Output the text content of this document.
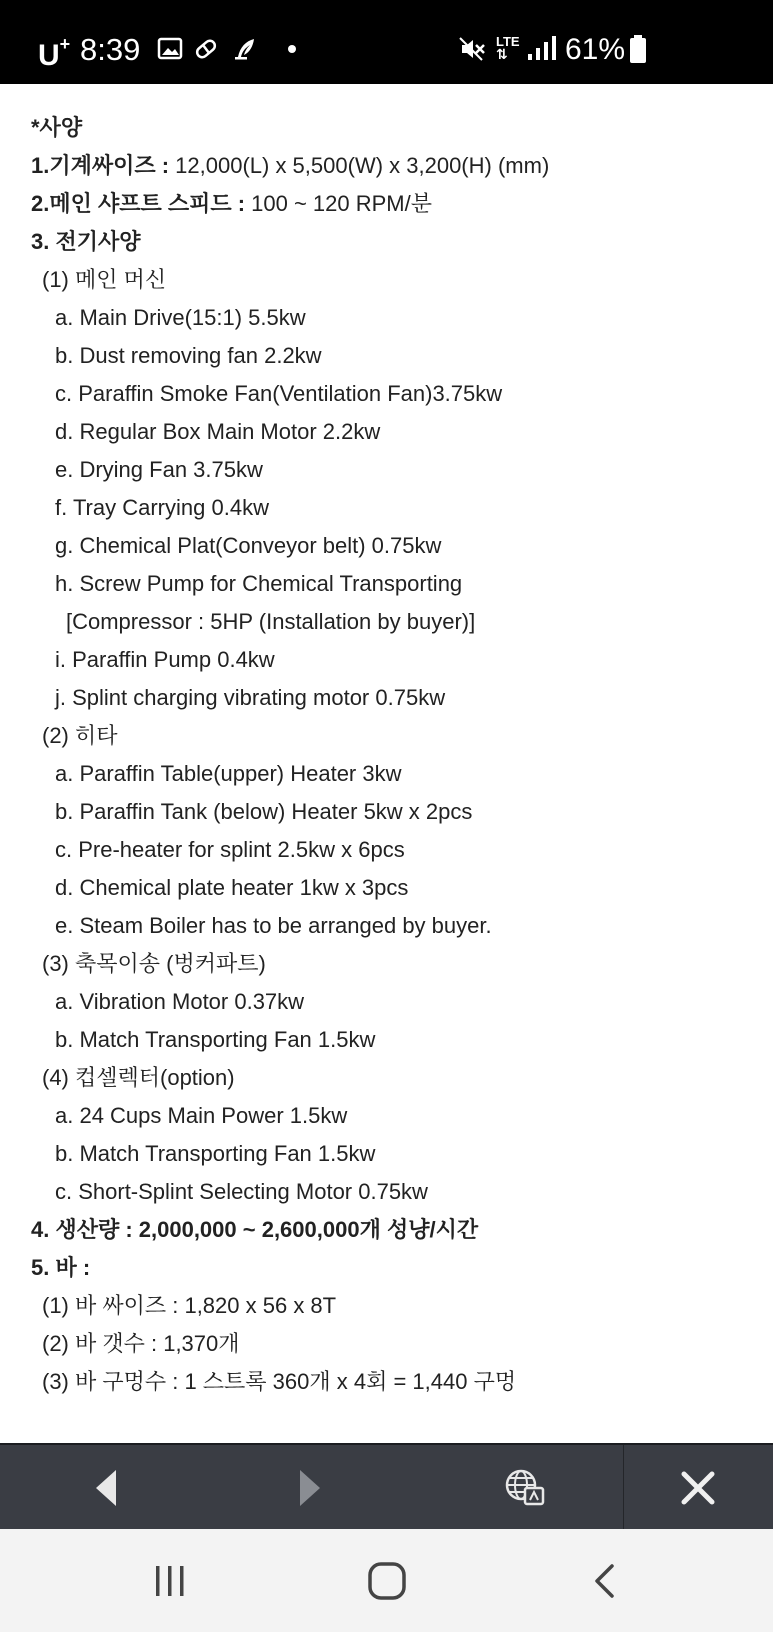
U+ 8:39	LTE
⇅	61%
*사양
1.기계싸이즈 : 12,000(L) x 5,500(W) x 3,200(H) (mm)
2.메인 샤프트 스피드 : 100 ~ 120 RPM/분
3. 전기사양
(1) 메인 머신
a. Main Drive(15:1) 5.5kw
b. Dust removing fan 2.2kw
c. Paraffin Smoke Fan(Ventilation Fan)3.75kw
d. Regular Box Main Motor 2.2kw
e. Drying Fan 3.75kw
f. Tray Carrying 0.4kw
g. Chemical Plat(Conveyor belt) 0.75kw
h. Screw Pump for Chemical Transporting
[Compressor : 5HP (Installation by buyer)]
i. Paraffin Pump 0.4kw
j. Splint charging vibrating motor 0.75kw
(2) 히타
a. Paraffin Table(upper) Heater 3kw
b. Paraffin Tank (below) Heater 5kw x 2pcs
c. Pre-heater for splint 2.5kw x 6pcs
d. Chemical plate heater 1kw x 3pcs
e. Steam Boiler has to be arranged by buyer.
(3) 축목이송 (벙커파트)
a. Vibration Motor 0.37kw
b. Match Transporting Fan 1.5kw
(4) 컵셀렉터(option)
a. 24 Cups Main Power 1.5kw
b. Match Transporting Fan 1.5kw
c. Short-Splint Selecting Motor 0.75kw
4. 생산량 : 2,000,000 ~ 2,600,000개 성냥/시간
5. 바 :
(1) 바 싸이즈 : 1,820 x 56 x 8T
(2) 바 갯수 : 1,370개
(3) 바 구멍수 : 1 스트록 360개 x 4회 = 1,440 구멍
